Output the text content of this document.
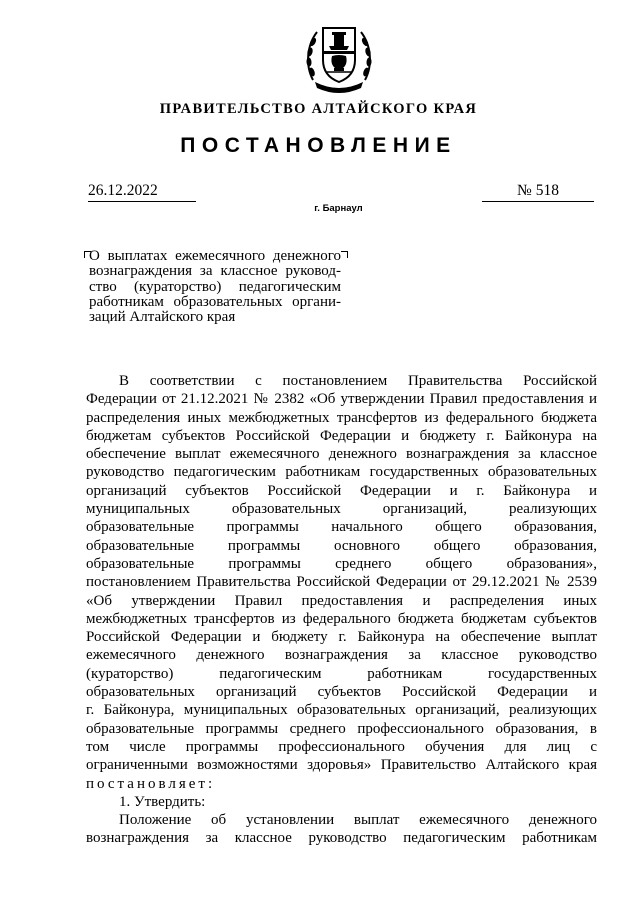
ПРАВИТЕЛЬСТВО АЛТАЙСКОГО КРАЯ
ПОСТАНОВЛЕНИЕ
26.12.2022	№ 518
г. Барнаул
О выплатах ежемесячного денежного
вознаграждения за классное руковод-
ство (кураторство) педагогическим
работникам образовательных органи-
заций Алтайского края
В соответствии с постановлением Правительства Российской
Федерации от 21.12.2021 № 2382 «Об утверждении Правил предоставления и
распределения иных межбюджетных трансфертов из федерального бюджета
бюджетам субъектов Российской Федерации и бюджету г. Байконура на
обеспечение выплат ежемесячного денежного вознаграждения за классное
руководство педагогическим работникам государственных образовательных
организаций субъектов Российской Федерации и г. Байконура и
муниципальных образовательных организаций, реализующих
образовательные программы начального общего образования,
образовательные программы основного общего образования,
образовательные программы среднего общего образования»,
постановлением Правительства Российской Федерации от 29.12.2021 № 2539
«Об утверждении Правил предоставления и распределения иных
межбюджетных трансфертов из федерального бюджета бюджетам субъектов
Российской Федерации и бюджету г. Байконура на обеспечение выплат
ежемесячного денежного вознаграждения за классное руководство
(кураторство) педагогическим работникам государственных
образовательных организаций субъектов Российской Федерации и
г. Байконура, муниципальных образовательных организаций, реализующих
образовательные программы среднего профессионального образования, в
том числе программы профессионального обучения для лиц с
ограниченными возможностями здоровья» Правительство Алтайского края
постановляет:
1. Утвердить:
Положение об установлении выплат ежемесячного денежного
вознаграждения за классное руководство педагогическим работникам
